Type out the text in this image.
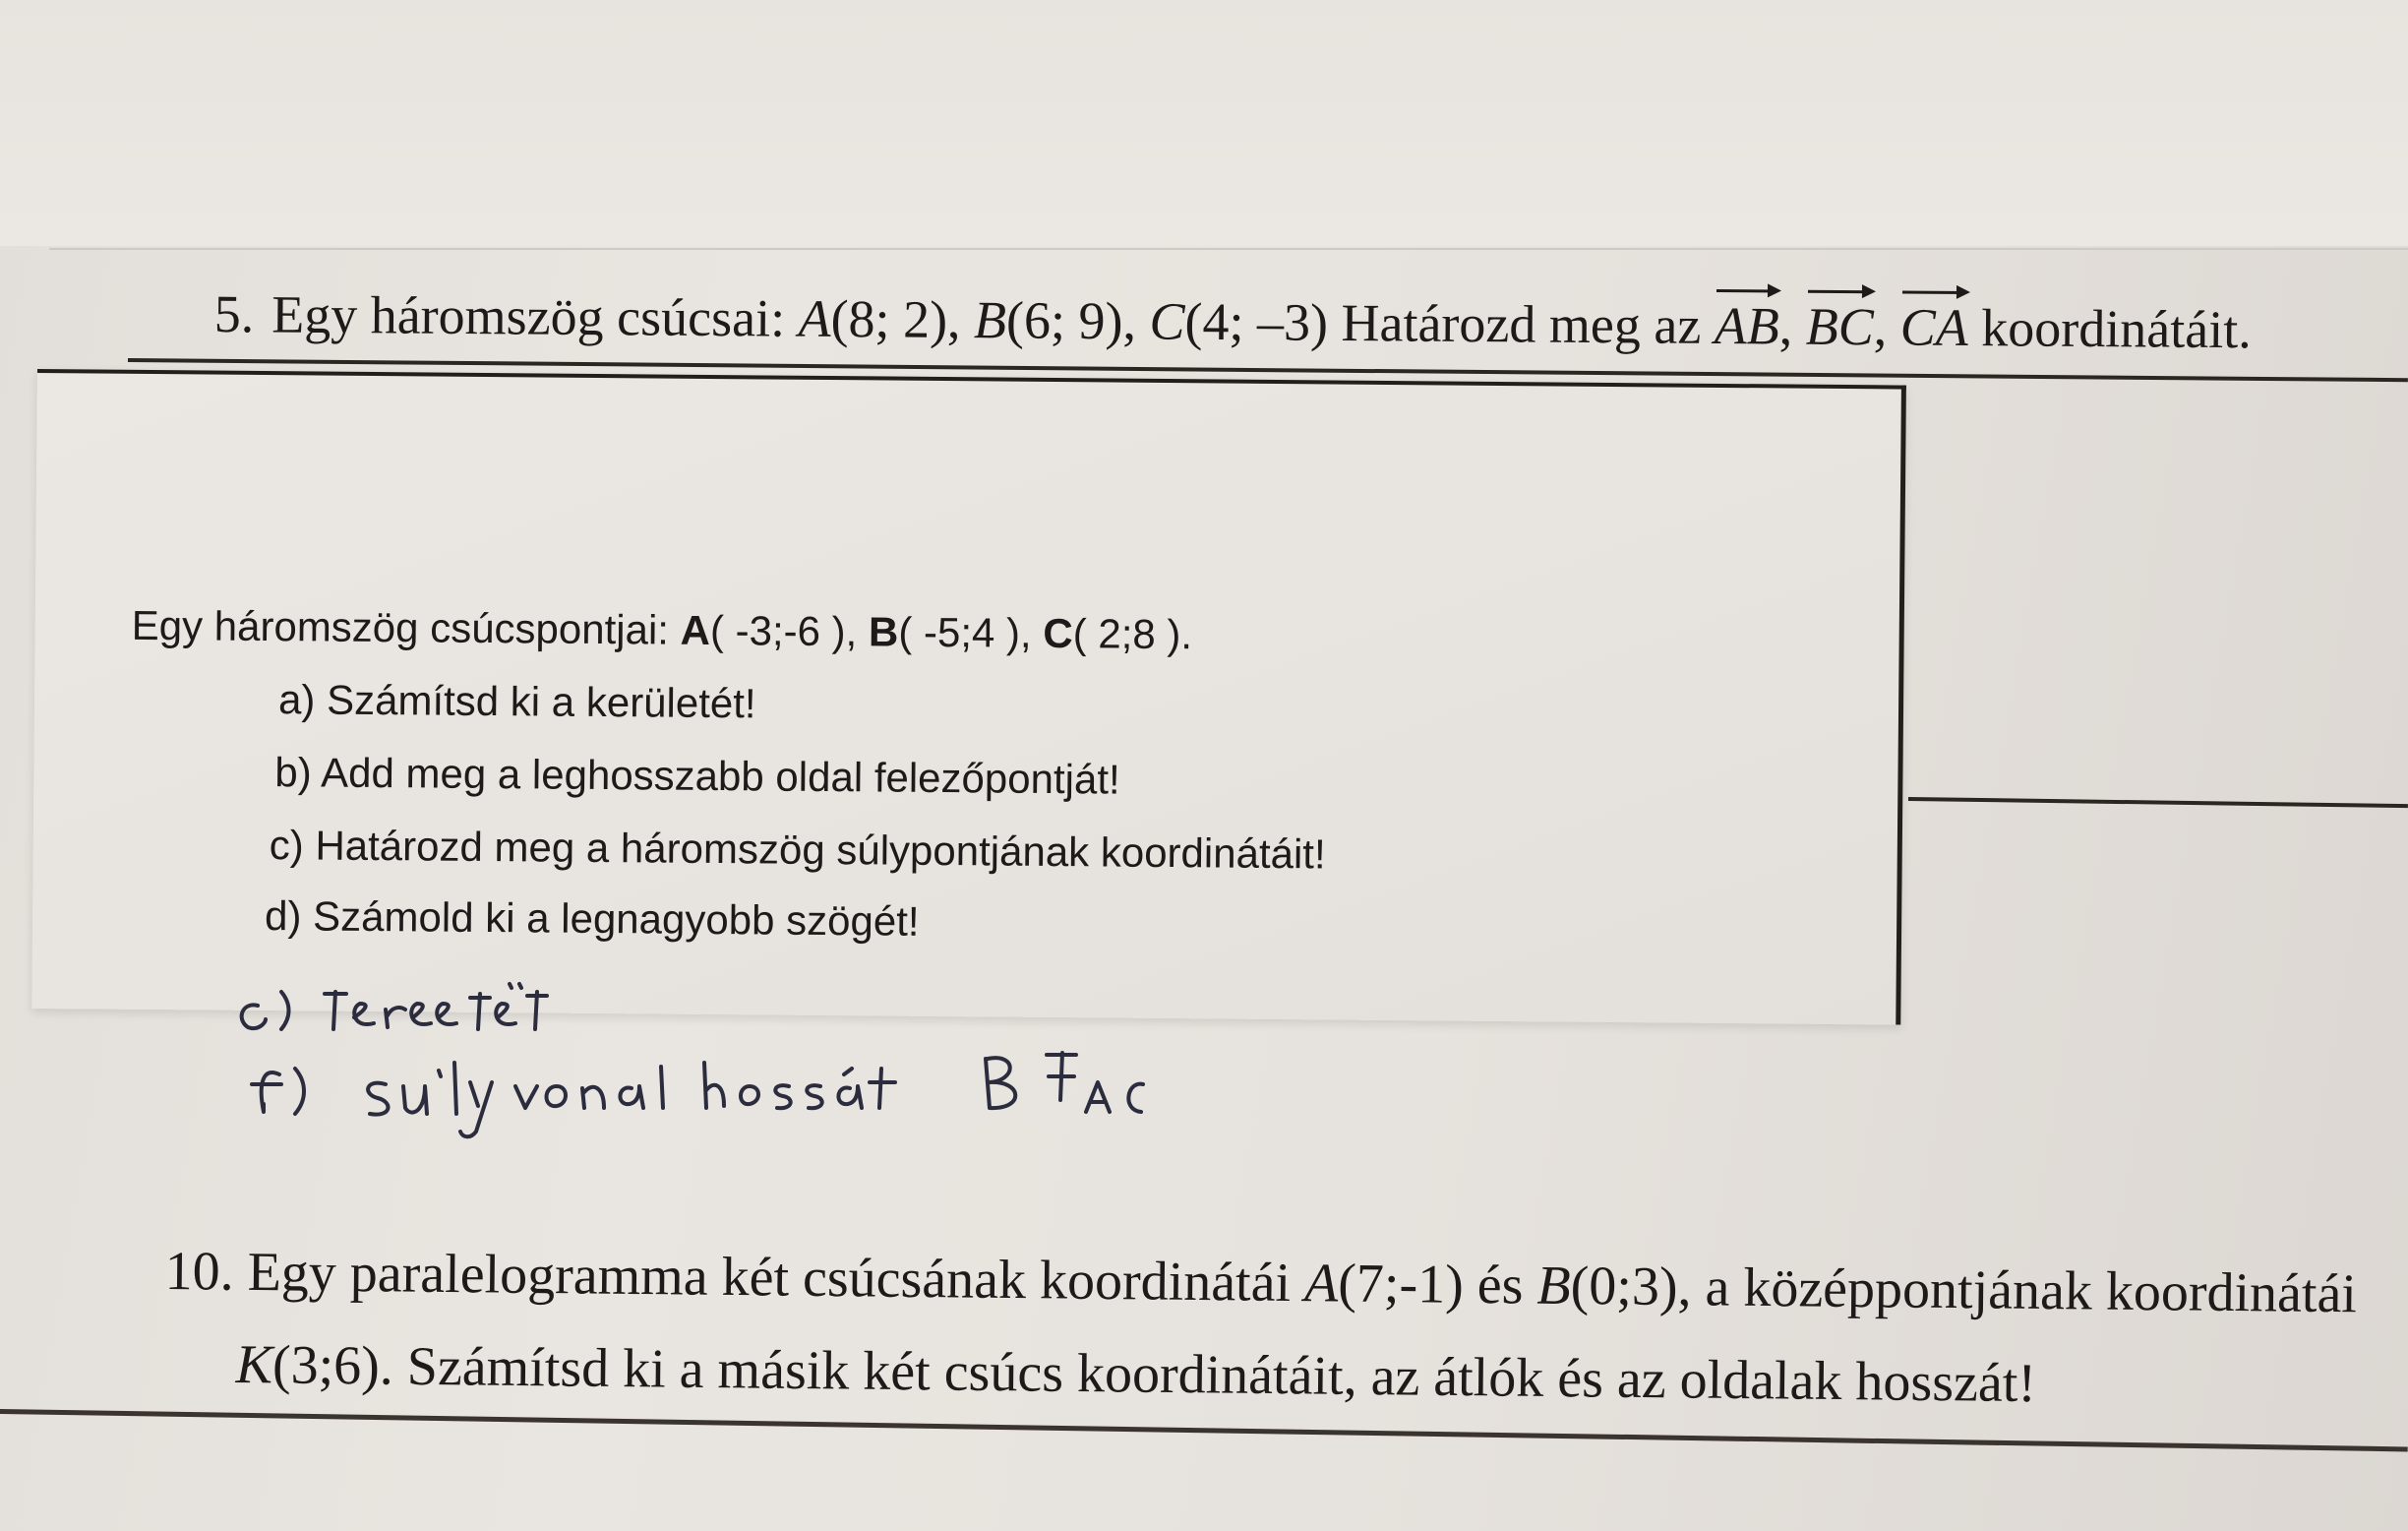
5. Egy háromszög csúcsai: A(8; 2), B(6; 9), C(4; –3) Határozd meg az
AB,
BC,
CA koordinátáit.
Egy háromszög csúcspontjai: A( -3;-6 ), B( -5;4 ), C( 2;8 ).
a) Számítsd ki a kerületét!
b) Add meg a leghosszabb oldal felezőpontját!
c) Határozd meg a háromszög súlypontjának koordinátáit!
d) Számold ki a legnagyobb szögét!
10. Egy paralelogramma két csúcsának koordinátái A(7;-1) és B(0;3), a középpontjának koordinátái
K(3;6). Számítsd ki a másik két csúcs koordinátáit, az átlók és az oldalak hosszát!
